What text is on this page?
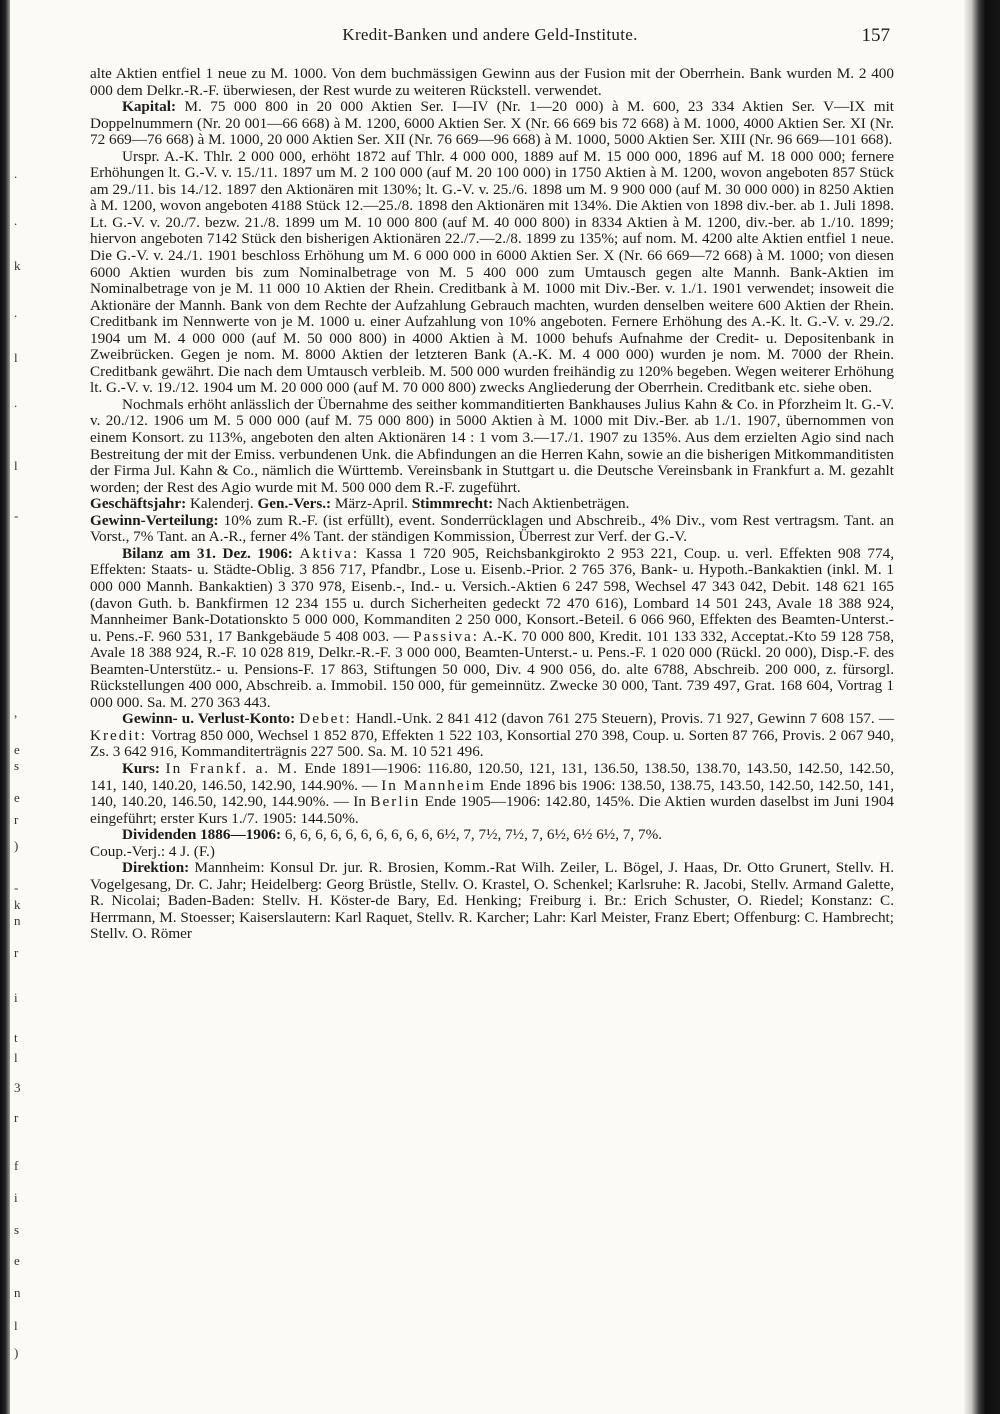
.
.
k
.
l
.
l
-
,
e
s
e
r
)
-
k
n
r
i
t
l
3
r
f
i
s
e
n
l
)
Kredit-Banken und andere Geld-Institute.	157

alte Aktien entfiel 1 neue zu M. 1000. Von dem buchmässigen Gewinn aus der Fusion mit der Oberrhein. Bank wurden M. 2 400 000 dem Delkr.-R.-F. überwiesen, der Rest wurde zu weiteren Rückstell. verwendet.

Kapital: M. 75 000 800 in 20 000 Aktien Ser. I—IV (Nr. 1—20 000) à M. 600, 23 334 Aktien Ser. V—IX mit Doppelnummern (Nr. 20 001—66 668) à M. 1200, 6000 Aktien Ser. X (Nr. 66 669 bis 72 668) à M. 1000, 4000 Aktien Ser. XI (Nr. 72 669—76 668) à M. 1000, 20 000 Aktien Ser. XII (Nr. 76 669—96 668) à M. 1000, 5000 Aktien Ser. XIII (Nr. 96 669—101 668).

Urspr. A.-K. Thlr. 2 000 000, erhöht 1872 auf Thlr. 4 000 000, 1889 auf M. 15 000 000, 1896 auf M. 18 000 000; fernere Erhöhungen lt. G.-V. v. 15./11. 1897 um M. 2 100 000 (auf M. 20 100 000) in 1750 Aktien à M. 1200, wovon angeboten 857 Stück am 29./11. bis 14./12. 1897 den Aktionären mit 130%; lt. G.-V. v. 25./6. 1898 um M. 9 900 000 (auf M. 30 000 000) in 8250 Aktien à M. 1200, wovon angeboten 4188 Stück 12.—25./8. 1898 den Aktionären mit 134%. Die Aktien von 1898 div.-ber. ab 1. Juli 1898. Lt. G.-V. v. 20./7. bezw. 21./8. 1899 um M. 10 000 800 (auf M. 40 000 800) in 8334 Aktien à M. 1200, div.-ber. ab 1./10. 1899; hiervon angeboten 7142 Stück den bisherigen Aktionären 22./7.—2./8. 1899 zu 135%; auf nom. M. 4200 alte Aktien entfiel 1 neue. Die G.-V. v. 24./1. 1901 beschloss Erhöhung um M. 6 000 000 in 6000 Aktien Ser. X (Nr. 66 669—72 668) à M. 1000; von diesen 6000 Aktien wurden bis zum Nominalbetrage von M. 5 400 000 zum Umtausch gegen alte Mannh. Bank-Aktien im Nominalbetrage von je M. 11 000 10 Aktien der Rhein. Creditbank à M. 1000 mit Div.-Ber. v. 1./1. 1901 verwendet; insoweit die Aktionäre der Mannh. Bank von dem Rechte der Aufzahlung Gebrauch machten, wurden denselben weitere 600 Aktien der Rhein. Creditbank im Nennwerte von je M. 1000 u. einer Aufzahlung von 10% angeboten. Fernere Erhöhung des A.-K. lt. G.-V. v. 29./2. 1904 um M. 4 000 000 (auf M. 50 000 800) in 4000 Aktien à M. 1000 behufs Aufnahme der Credit- u. Depositenbank in Zweibrücken. Gegen je nom. M. 8000 Aktien der letzteren Bank (A.-K. M. 4 000 000) wurden je nom. M. 7000 der Rhein. Creditbank gewährt. Die nach dem Umtausch verbleib. M. 500 000 wurden freihändig zu 120% begeben. Wegen weiterer Erhöhung lt. G.-V. v. 19./12. 1904 um M. 20 000 000 (auf M. 70 000 800) zwecks Angliederung der Oberrhein. Creditbank etc. siehe oben.

Nochmals erhöht anlässlich der Übernahme des seither kommanditierten Bankhauses Julius Kahn & Co. in Pforzheim lt. G.-V. v. 20./12. 1906 um M. 5 000 000 (auf M. 75 000 800) in 5000 Aktien à M. 1000 mit Div.-Ber. ab 1./1. 1907, übernommen von einem Konsort. zu 113%, angeboten den alten Aktionären 14 : 1 vom 3.—17./1. 1907 zu 135%. Aus dem erzielten Agio sind nach Bestreitung der mit der Emiss. verbundenen Unk. die Abfindungen an die Herren Kahn, sowie an die bisherigen Mitkommanditisten der Firma Jul. Kahn & Co., nämlich die Württemb. Vereinsbank in Stuttgart u. die Deutsche Vereinsbank in Frankfurt a. M. gezahlt worden; der Rest des Agio wurde mit M. 500 000 dem R.-F. zugeführt.

Geschäftsjahr: Kalenderj. Gen.-Vers.: März-April. Stimmrecht: Nach Aktienbeträgen.

Gewinn-Verteilung: 10% zum R.-F. (ist erfüllt), event. Sonderrücklagen und Abschreib., 4% Div., vom Rest vertragsm. Tant. an Vorst., 7% Tant. an A.-R., ferner 4% Tant. der ständigen Kommission, Überrest zur Verf. der G.-V.

Bilanz am 31. Dez. 1906: Aktiva: Kassa 1 720 905, Reichsbankgirokto 2 953 221, Coup. u. verl. Effekten 908 774, Effekten: Staats- u. Städte-Oblig. 3 856 717, Pfandbr., Lose u. Eisenb.-Prior. 2 765 376, Bank- u. Hypoth.-Bankaktien (inkl. M. 1 000 000 Mannh. Bankaktien) 3 370 978, Eisenb.-, Ind.- u. Versich.-Aktien 6 247 598, Wechsel 47 343 042, Debit. 148 621 165 (davon Guth. b. Bankfirmen 12 234 155 u. durch Sicherheiten gedeckt 72 470 616), Lombard 14 501 243, Avale 18 388 924, Mannheimer Bank-Dotationskto 5 000 000, Kommanditen 2 250 000, Konsort.-Beteil. 6 066 960, Effekten des Beamten-Unterst.- u. Pens.-F. 960 531, 17 Bankgebäude 5 408 003. — Passiva: A.-K. 70 000 800, Kredit. 101 133 332, Acceptat.-Kto 59 128 758, Avale 18 388 924, R.-F. 10 028 819, Delkr.-R.-F. 3 000 000, Beamten-Unterst.- u. Pens.-F. 1 020 000 (Rückl. 20 000), Disp.-F. des Beamten-Unterstütz.- u. Pensions-F. 17 863, Stiftungen 50 000, Div. 4 900 056, do. alte 6788, Abschreib. 200 000, z. fürsorgl. Rückstellungen 400 000, Abschreib. a. Immobil. 150 000, für gemeinnütz. Zwecke 30 000, Tant. 739 497, Grat. 168 604, Vortrag 1 000 000. Sa. M. 270 363 443.

Gewinn- u. Verlust-Konto: Debet: Handl.-Unk. 2 841 412 (davon 761 275 Steuern), Provis. 71 927, Gewinn 7 608 157. — Kredit: Vortrag 850 000, Wechsel 1 852 870, Effekten 1 522 103, Konsortial 270 398, Coup. u. Sorten 87 766, Provis. 2 067 940, Zs. 3 642 916, Kommanditerträgnis 227 500. Sa. M. 10 521 496.

Kurs: In Frankf. a. M. Ende 1891—1906: 116.80, 120.50, 121, 131, 136.50, 138.50, 138.70, 143.50, 142.50, 142.50, 141, 140, 140.20, 146.50, 142.90, 144.90%. — In Mannheim Ende 1896 bis 1906: 138.50, 138.75, 143.50, 142.50, 142.50, 141, 140, 140.20, 146.50, 142.90, 144.90%. — In Berlin Ende 1905—1906: 142.80, 145%. Die Aktien wurden daselbst im Juni 1904 eingeführt; erster Kurs 1./7. 1905: 144.50%.

Dividenden 1886—1906: 6, 6, 6, 6, 6, 6, 6, 6, 6, 6, 6½, 7, 7½, 7½, 7, 6½, 6½ 6½, 7, 7%.

Coup.-Verj.: 4 J. (F.)

Direktion: Mannheim: Konsul Dr. jur. R. Brosien, Komm.-Rat Wilh. Zeiler, L. Bögel, J. Haas, Dr. Otto Grunert, Stellv. H. Vogelgesang, Dr. C. Jahr; Heidelberg: Georg Brüstle, Stellv. O. Krastel, O. Schenkel; Karlsruhe: R. Jacobi, Stellv. Armand Galette, R. Nicolai; Baden-Baden: Stellv. H. Köster-de Bary, Ed. Henking; Freiburg i. Br.: Erich Schuster, O. Riedel; Konstanz: C. Herrmann, M. Stoesser; Kaiserslautern: Karl Raquet, Stellv. R. Karcher; Lahr: Karl Meister, Franz Ebert; Offenburg: C. Hambrecht; Stellv. O. Römer
